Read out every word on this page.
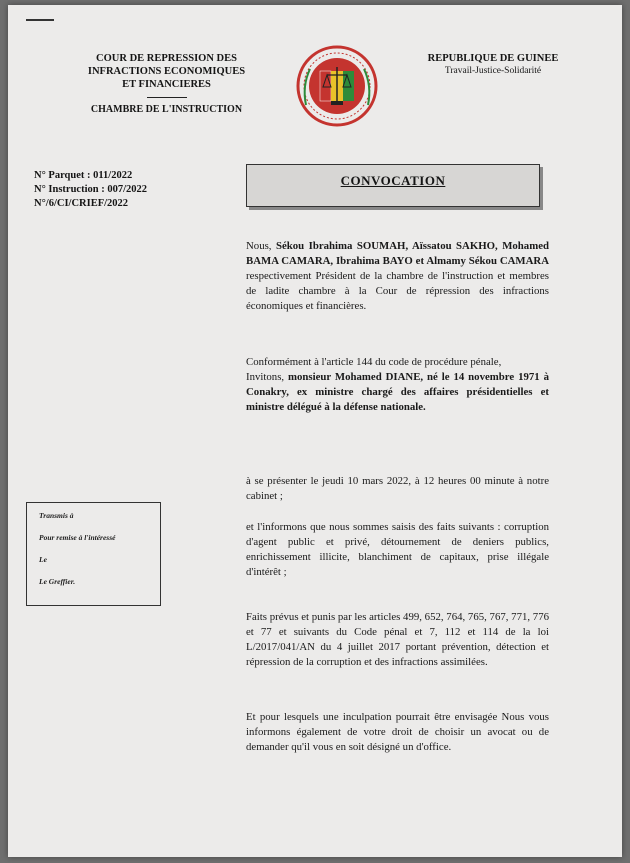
COUR DE REPRESSION DES
INFRACTIONS ECONOMIQUES
ET FINANCIERES
CHAMBRE DE L'INSTRUCTION
REPUBLIQUE DE GUINEE
Travail-Justice-Solidarité
N° Parquet : 011/2022
N° Instruction : 007/2022
N°/6/CI/CRIEF/2022
CONVOCATION

Nous, Sékou Ibrahima SOUMAH, Aïssatou SAKHO, Mohamed BAMA CAMARA, Ibrahima BAYO et Almamy Sékou CAMARA respectivement Président de la chambre de l'instruction et membres de ladite chambre à la Cour de répression des infractions économiques et financières.

Conformément à l'article 144 du code de procédure pénale,

Invitons, monsieur Mohamed DIANE, né le 14 novembre 1971 à Conakry, ex ministre chargé des affaires présidentielles et ministre délégué à la défense nationale.

à se présenter le jeudi 10 mars 2022, à 12 heures 00 minute à notre cabinet ;

et l'informons que nous sommes saisis des faits suivants : corruption d'agent public et privé, détournement de deniers publics, enrichissement illicite, blanchiment de capitaux, prise illégale d'intérêt ;

Faits prévus et punis par les articles 499, 652, 764, 765, 767, 771, 776 et 77 et suivants du Code pénal et 7, 112 et 114 de la loi L/2017/041/AN du 4 juillet 2017 portant prévention, détection et répression de la corruption et des infractions assimilées.

Et pour lesquels une inculpation pourrait être envisagée Nous vous informons également de votre droit de choisir un avocat ou de demander qu'il vous en soit désigné un d'office.

Transmis à
Pour remise à l'intéressé
Le
Le Greffier.
